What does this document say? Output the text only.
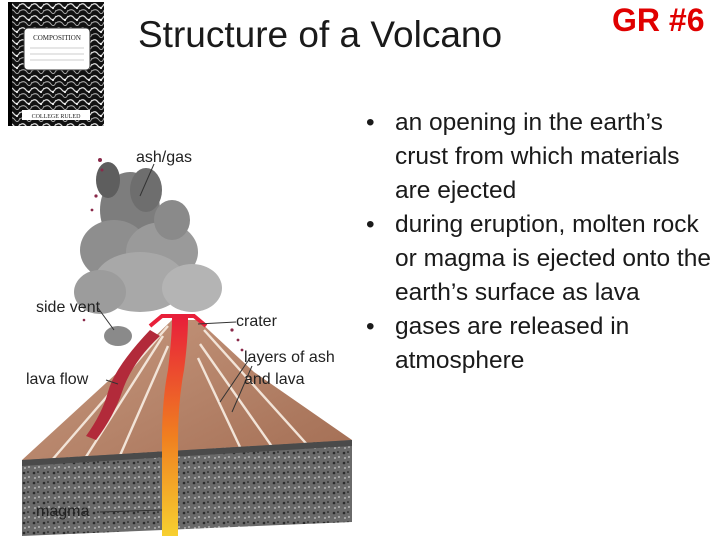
COMPOSITION
COLLEGE RULED
Structure of a Volcano	GR #6
ash/gas
side vent
crater
layers of ash
and lava
lava flow
magma
Academy Artworks
• an opening in the earth’s crust from which materials are ejected
• during eruption, molten rock or magma is ejected onto the earth’s surface as lava
• gases are released in atmosphere
